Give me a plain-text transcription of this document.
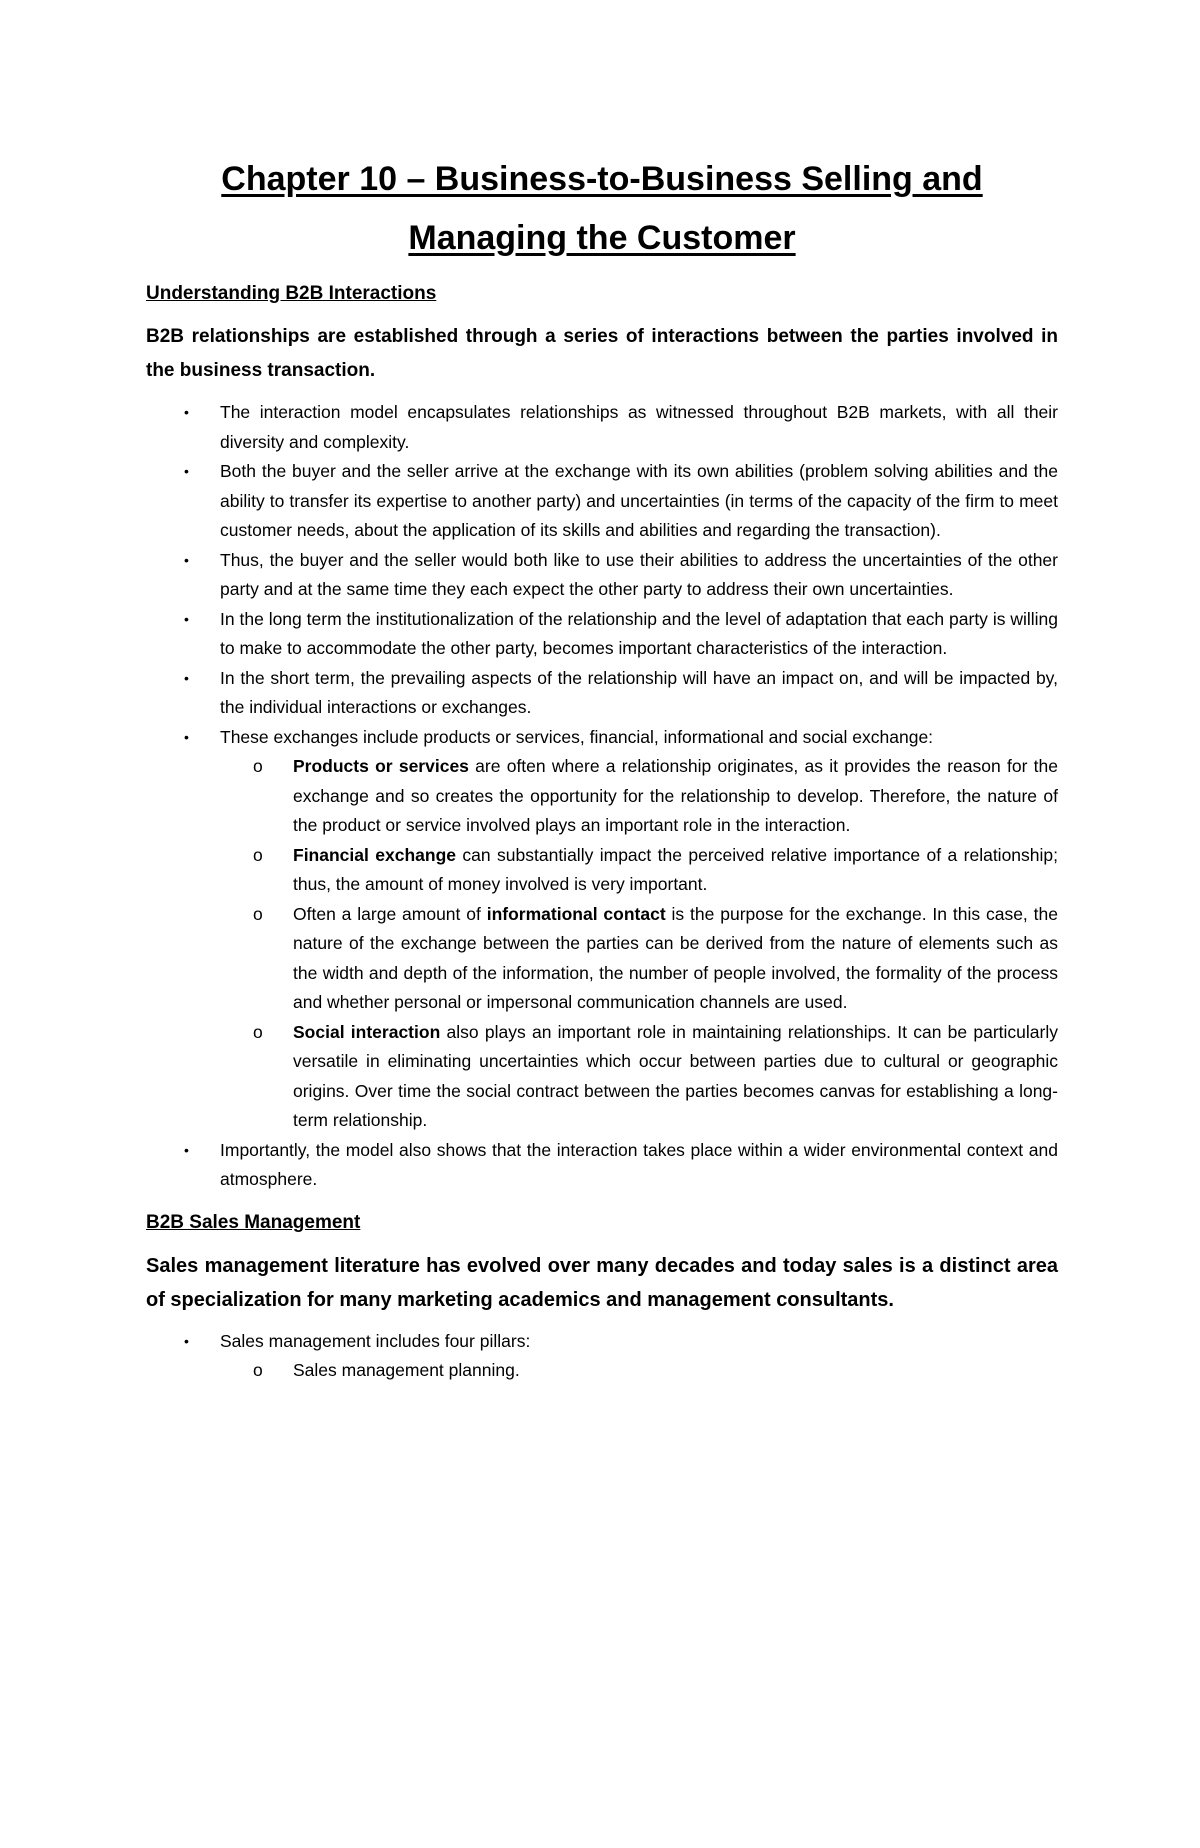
Chapter 10 – Business-to-Business Selling and
Managing the Customer
Understanding B2B Interactions

B2B relationships are established through a series of interactions between the parties involved in the business transaction.

• The interaction model encapsulates relationships as witnessed throughout B2B markets, with all their diversity and complexity.
• Both the buyer and the seller arrive at the exchange with its own abilities (problem solving abilities and the ability to transfer its expertise to another party) and uncertainties (in terms of the capacity of the firm to meet customer needs, about the application of its skills and abilities and regarding the transaction).
• Thus, the buyer and the seller would both like to use their abilities to address the uncertainties of the other party and at the same time they each expect the other party to address their own uncertainties.
• In the long term the institutionalization of the relationship and the level of adaptation that each party is willing to make to accommodate the other party, becomes important characteristics of the interaction.
• In the short term, the prevailing aspects of the relationship will have an impact on, and will be impacted by, the individual interactions or exchanges.
• These exchanges include products or services, financial, informational and social exchange:
o Products or services are often where a relationship originates, as it provides the reason for the exchange and so creates the opportunity for the relationship to develop. Therefore, the nature of the product or service involved plays an important role in the interaction.
o Financial exchange can substantially impact the perceived relative importance of a relationship; thus, the amount of money involved is very important.
o Often a large amount of informational contact is the purpose for the exchange. In this case, the nature of the exchange between the parties can be derived from the nature of elements such as the width and depth of the information, the number of people involved, the formality of the process and whether personal or impersonal communication channels are used.
o Social interaction also plays an important role in maintaining relationships. It can be particularly versatile in eliminating uncertainties which occur between parties due to cultural or geographic origins. Over time the social contract between the parties becomes canvas for establishing a long-term relationship.
• Importantly, the model also shows that the interaction takes place within a wider environmental context and atmosphere.
B2B Sales Management

Sales management literature has evolved over many decades and today sales is a distinct area of specialization for many marketing academics and management consultants.

• Sales management includes four pillars:
o Sales management planning.
